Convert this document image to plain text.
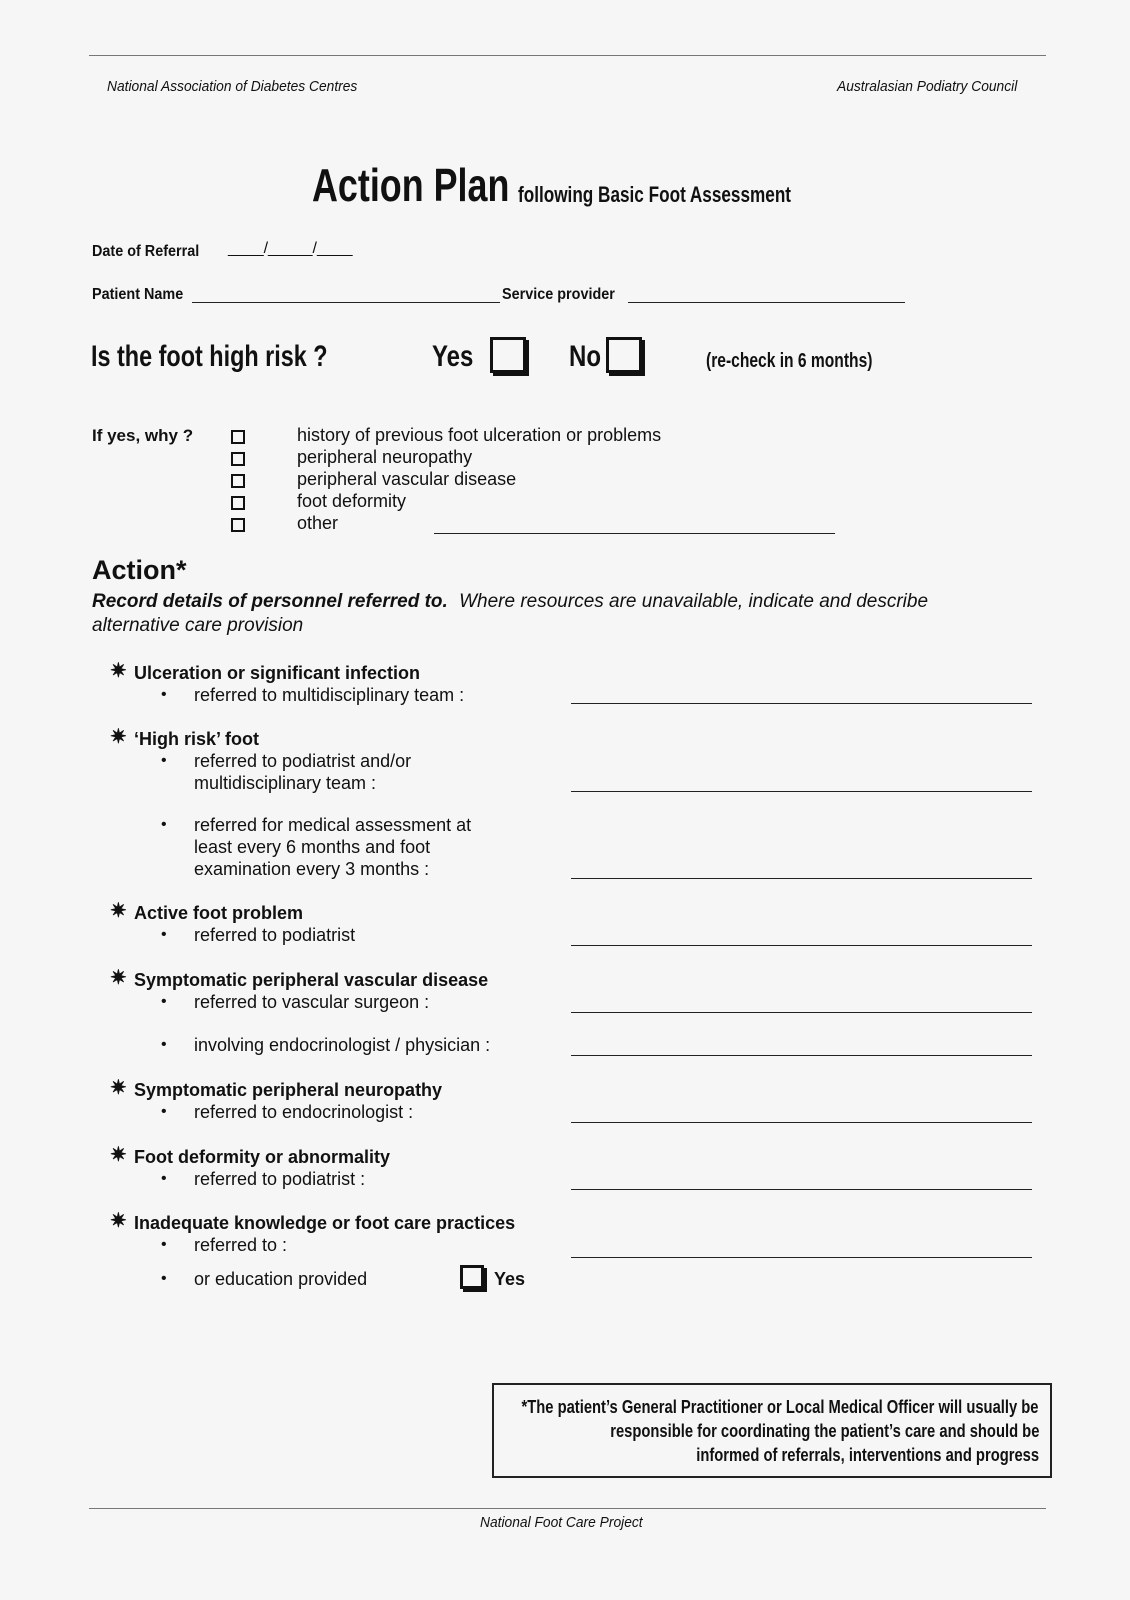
National Association of Diabetes Centres	Australasian Podiatry Council
Action Plan following Basic Foot Assessment
Date of Referral ____/_____/____
Patient Name	Service provider
Is the foot high risk ?	Yes	No	(re-check in 6 months)
If yes, why ?	history of previous foot ulceration or problems
peripheral neuropathy
peripheral vascular disease
foot deformity
other
Action*
Record details of personnel referred to. Where resources are unavailable, indicate and describe
alternative care provision
✷ Ulceration or significant infection
• referred to multidisciplinary team :
✷ ‘High risk’ foot
• referred to podiatrist and/or
multidisciplinary team :
• referred for medical assessment at
least every 6 months and foot
examination every 3 months :
✷ Active foot problem
• referred to podiatrist
✷ Symptomatic peripheral vascular disease
• referred to vascular surgeon :
• involving endocrinologist / physician :
✷ Symptomatic peripheral neuropathy
• referred to endocrinologist :
✷ Foot deformity or abnormality
• referred to podiatrist :
✷ Inadequate knowledge or foot care practices
• referred to :
• or education provided	Yes
*The patient’s General Practitioner or Local Medical Officer will usually be
responsible for coordinating the patient’s care and should be
informed of referrals, interventions and progress
National Foot Care Project
